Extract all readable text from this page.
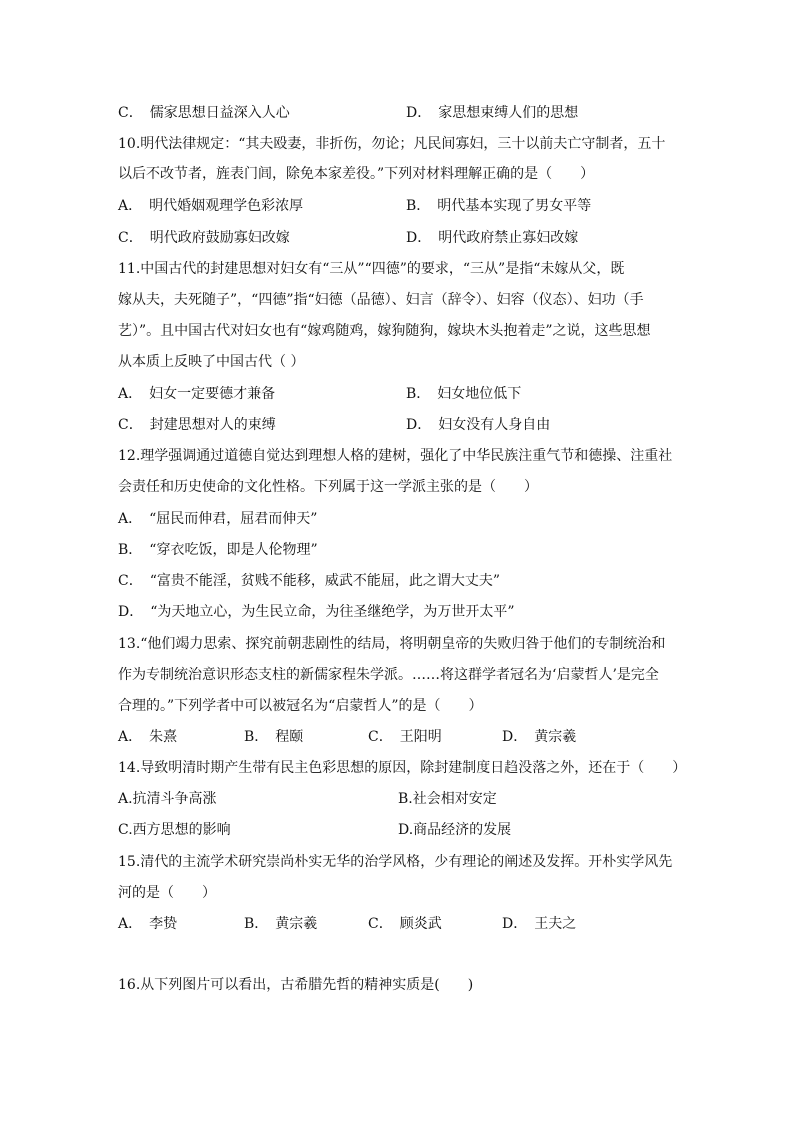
C．　儒家思想日益深入人心	D．　家思想束缚人们的思想
10.明代法律规定：“其夫殴妻，非折伤，勿论；凡民间寡妇，三十以前夫亡守制者，五十
以后不改节者，旌表门闾，除免本家差役。”下列对材料理解正确的是（　　）
A．　明代婚姻观理学色彩浓厚	B．　明代基本实现了男女平等
C．　明代政府鼓励寡妇改嫁	D．　明代政府禁止寡妇改嫁
11.中国古代的封建思想对妇女有“三从”“四德”的要求，“三从”是指“未嫁从父，既
嫁从夫，夫死随子”，“四德”指“妇德（品德）、妇言（辞令）、妇容（仪态）、妇功（手
艺）”。且中国古代对妇女也有“嫁鸡随鸡，嫁狗随狗，嫁块木头抱着走”之说，这些思想
从本质上反映了中国古代（ ）
A．　妇女一定要德才兼备	B．　妇女地位低下
C．　封建思想对人的束缚	D．　妇女没有人身自由
12.理学强调通过道德自觉达到理想人格的建树，强化了中华民族注重气节和德操、注重社
会责任和历史使命的文化性格。下列属于这一学派主张的是（　　）
A．　“屈民而伸君，屈君而伸天”
B．　“穿衣吃饭，即是人伦物理”
C．　“富贵不能淫，贫贱不能移，威武不能屈，此之谓大丈夫”
D．　“为天地立心，为生民立命，为往圣继绝学，为万世开太平”
13.“他们竭力思索、探究前朝悲剧性的结局，将明朝皇帝的失败归咎于他们的专制统治和
作为专制统治意识形态支柱的新儒家程朱学派。……将这群学者冠名为‘启蒙哲人’是完全
合理的。”下列学者中可以被冠名为“启蒙哲人”的是（　　）
A．　朱熹	B．　程颐	C．　王阳明	D．　黄宗羲
14.导致明清时期产生带有民主色彩思想的原因，除封建制度日趋没落之外，还在于（　　）
A.抗清斗争高涨	B.社会相对安定
C.西方思想的影响	D.商品经济的发展
15.清代的主流学术研究崇尚朴实无华的治学风格，少有理论的阐述及发挥。开朴实学风先
河的是（　　）
A．　李贽	B．　黄宗羲	C．　顾炎武	D．　王夫之
16.从下列图片可以看出，古希腊先哲的精神实质是(　　)
